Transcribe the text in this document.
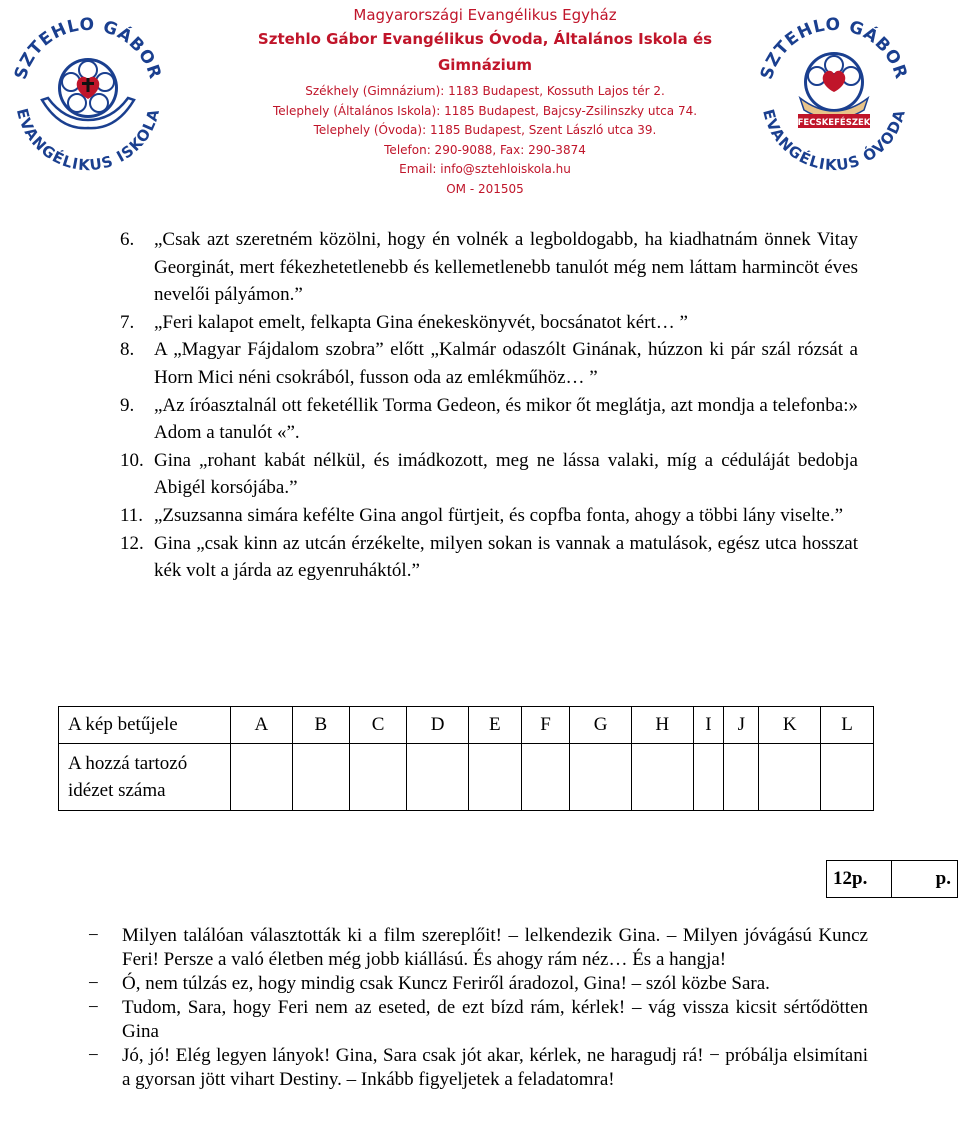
SZTEHLO GÁBOR
EVANGÉLIKUS ISKOLA
Magyarországi Evangélikus Egyház
Sztehlo Gábor Evangélikus Óvoda, Általános Iskola és Gimnázium
Székhely (Gimnázium): 1183 Budapest, Kossuth Lajos tér 2.
Telephely (Általános Iskola): 1185 Budapest, Bajcsy-Zsilinszky utca 74.
Telephely (Óvoda): 1185 Budapest, Szent László utca 39.
Telefon: 290-9088, Fax: 290-3874
Email: info@sztehloiskola.hu
OM - 201505
SZTEHLO GÁBOR
EVANGÉLIKUS ÓVODA
FECSKEFÉSZEK
6. „Csak azt szeretném közölni, hogy én volnék a legboldogabb, ha kiadhatnám önnek Vitay Georginát, mert fékezhetetlenebb és kellemetlenebb tanulót még nem láttam harmincöt éves nevelői pályámon.”
7. „Feri kalapot emelt, felkapta Gina énekeskönyvét, bocsánatot kért… ”
8. A „Magyar Fájdalom szobra” előtt „Kalmár odaszólt Ginának, húzzon ki pár szál rózsát a Horn Mici néni csokrából, fusson oda az emlékműhöz… ”
9. „Az íróasztalnál ott feketéllik Torma Gedeon, és mikor őt meglátja, azt mondja a telefonba:» Adom a tanulót «”.
10. Gina „rohant kabát nélkül, és imádkozott, meg ne lássa valaki, míg a céduláját bedobja Abigél korsójába.”
11. „Zsuzsanna simára kefélte Gina angol fürtjeit, és copfba fonta, ahogy a többi lány viselte.”
12. Gina „csak kinn az utcán érzékelte, milyen sokan is vannak a matulások, egész utca hosszat kék volt a járda az egyenruháktól.”
A kép betűjele	A	B	C	D	E	F	G	H	I	J	K	L
A hozzá tartozó idézet száma												
12p.	p.
− Milyen találóan választották ki a film szereplőit! ‒ lelkendezik Gina. ‒ Milyen jóvágású Kuncz Feri! Persze a való életben még jobb kiállású. És ahogy rám néz… És a hangja!
− Ó, nem túlzás ez, hogy mindig csak Kuncz Feriről áradozol, Gina! ‒ szól közbe Sara.
− Tudom, Sara, hogy Feri nem az eseted, de ezt bízd rám, kérlek! ‒ vág vissza kicsit sértődötten Gina
− Jó, jó! Elég legyen lányok! Gina, Sara csak jót akar, kérlek, ne haragudj rá! − próbálja elsimítani a gyorsan jött vihart Destiny. ‒ Inkább figyeljetek a feladatomra!
